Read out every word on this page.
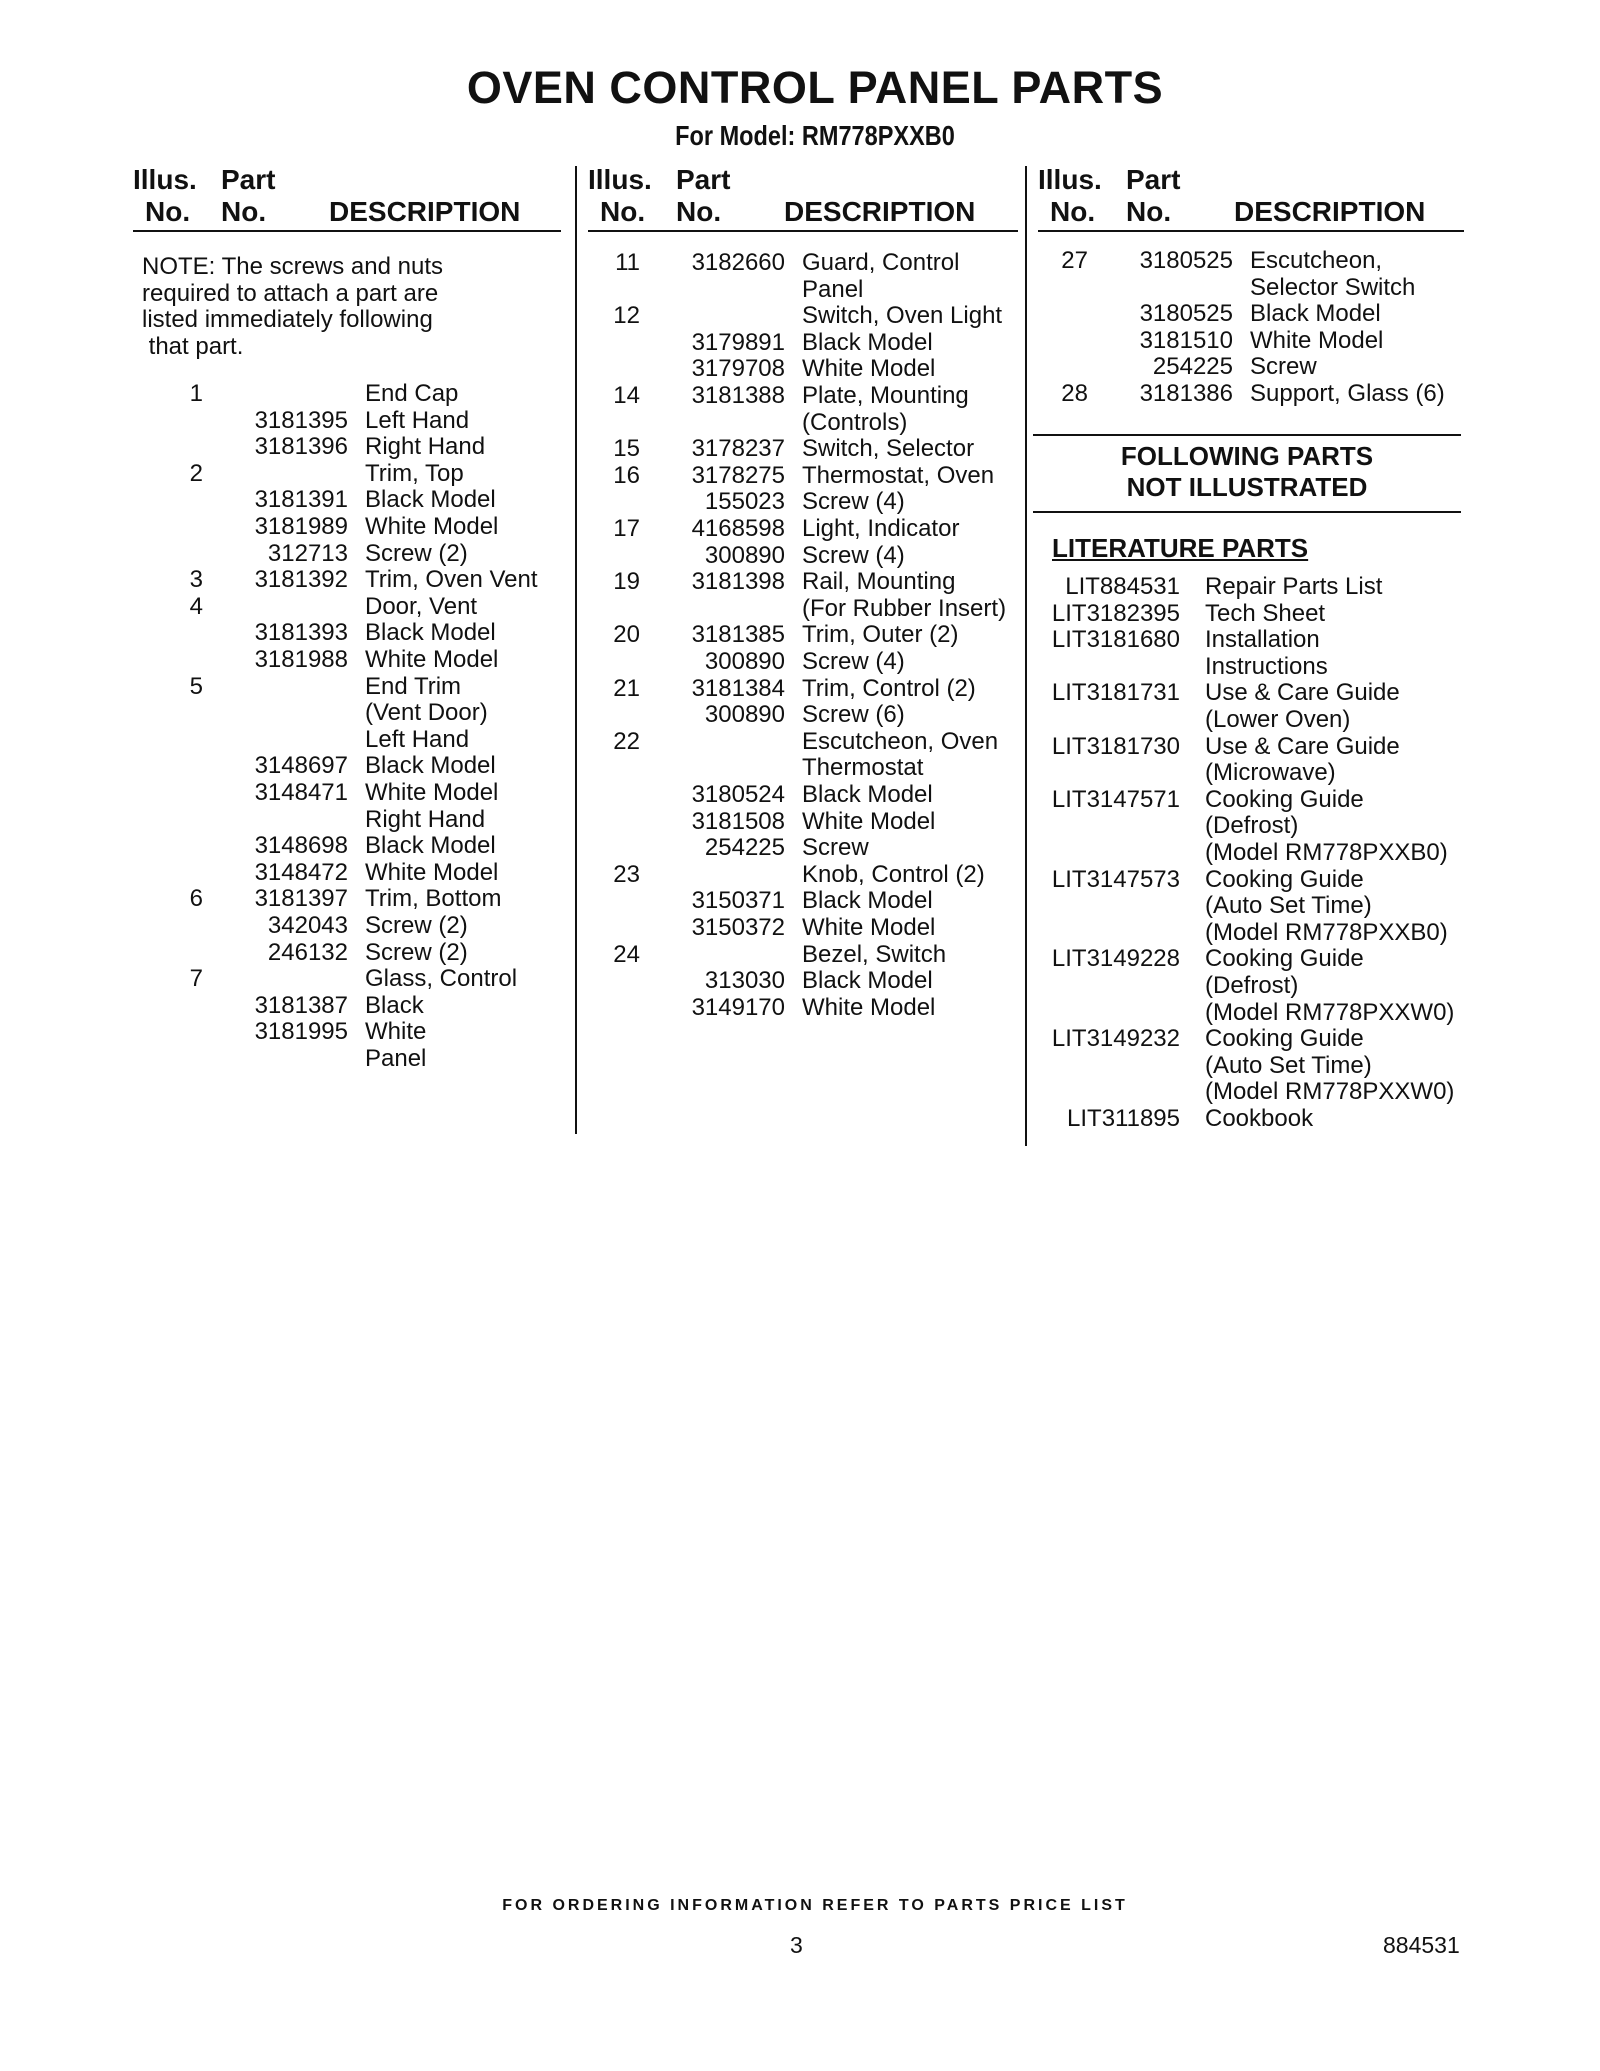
OVEN CONTROL PANEL PARTS
For Model: RM778PXXB0
Illus. Part
No. No. DESCRIPTION
Illus. Part
No. No. DESCRIPTION
Illus. Part
No. No. DESCRIPTION
NOTE: The screws and nuts
required to attach a part are
listed immediately following
that part.
1	End Cap
3181395 Left Hand
3181396 Right Hand
2	Trim, Top
3181391 Black Model
3181989 White Model
312713 Screw (2)
3	3181392 Trim, Oven Vent
4	Door, Vent
3181393 Black Model
3181988 White Model
5	End Trim
(Vent Door)
Left Hand
3148697 Black Model
3148471 White Model
Right Hand
3148698 Black Model
3148472 White Model
6	3181397 Trim, Bottom
342043 Screw (2)
246132 Screw (2)
7	Glass, Control
3181387 Black
3181995 White
Panel
11	3182660 Guard, Control
Panel
12	Switch, Oven Light
3179891 Black Model
3179708 White Model
14	3181388 Plate, Mounting
(Controls)
15	3178237 Switch, Selector
16	3178275 Thermostat, Oven
155023 Screw (4)
17	4168598 Light, Indicator
300890 Screw (4)
19	3181398 Rail, Mounting
(For Rubber Insert)
20	3181385 Trim, Outer (2)
300890 Screw (4)
21	3181384 Trim, Control (2)
300890 Screw (6)
22	Escutcheon, Oven
Thermostat
3180524 Black Model
3181508 White Model
254225 Screw
23	Knob, Control (2)
3150371 Black Model
3150372 White Model
24	Bezel, Switch
313030 Black Model
3149170 White Model
27	3180525 Escutcheon,
Selector Switch
3180525 Black Model
3181510 White Model
254225 Screw
28	3181386 Support, Glass (6)
FOLLOWING PARTS
NOT ILLUSTRATED
LITERATURE PARTS
LIT884531 Repair Parts List
LIT3182395 Tech Sheet
LIT3181680 Installation
Instructions
LIT3181731 Use & Care Guide
(Lower Oven)
LIT3181730 Use & Care Guide
(Microwave)
LIT3147571 Cooking Guide
(Defrost)
(Model RM778PXXB0)
LIT3147573 Cooking Guide
(Auto Set Time)
(Model RM778PXXB0)
LIT3149228 Cooking Guide
(Defrost)
(Model RM778PXXW0)
LIT3149232 Cooking Guide
(Auto Set Time)
(Model RM778PXXW0)
LIT311895 Cookbook
FOR ORDERING INFORMATION REFER TO PARTS PRICE LIST
3	884531
